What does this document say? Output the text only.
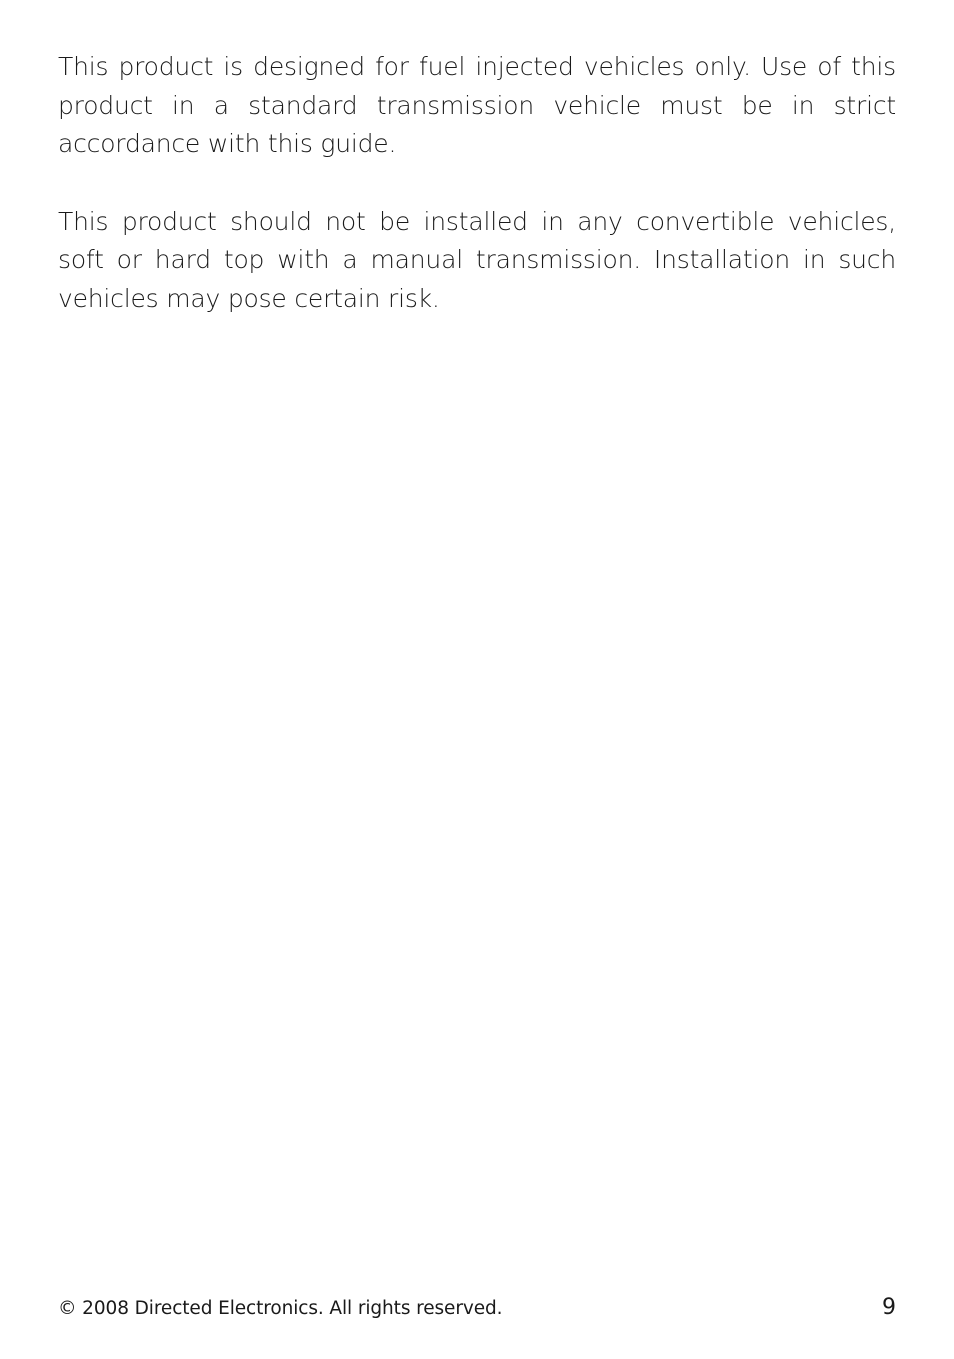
This product is designed for fuel injected vehicles only. Use of this product in a standard transmission vehicle must be in strict accordance with this guide.

This product should not be installed in any convertible vehicles, soft or hard top with a manual transmission. Installation in such vehicles may pose certain risk.

© 2008 Directed Electronics. All rights reserved.	9
